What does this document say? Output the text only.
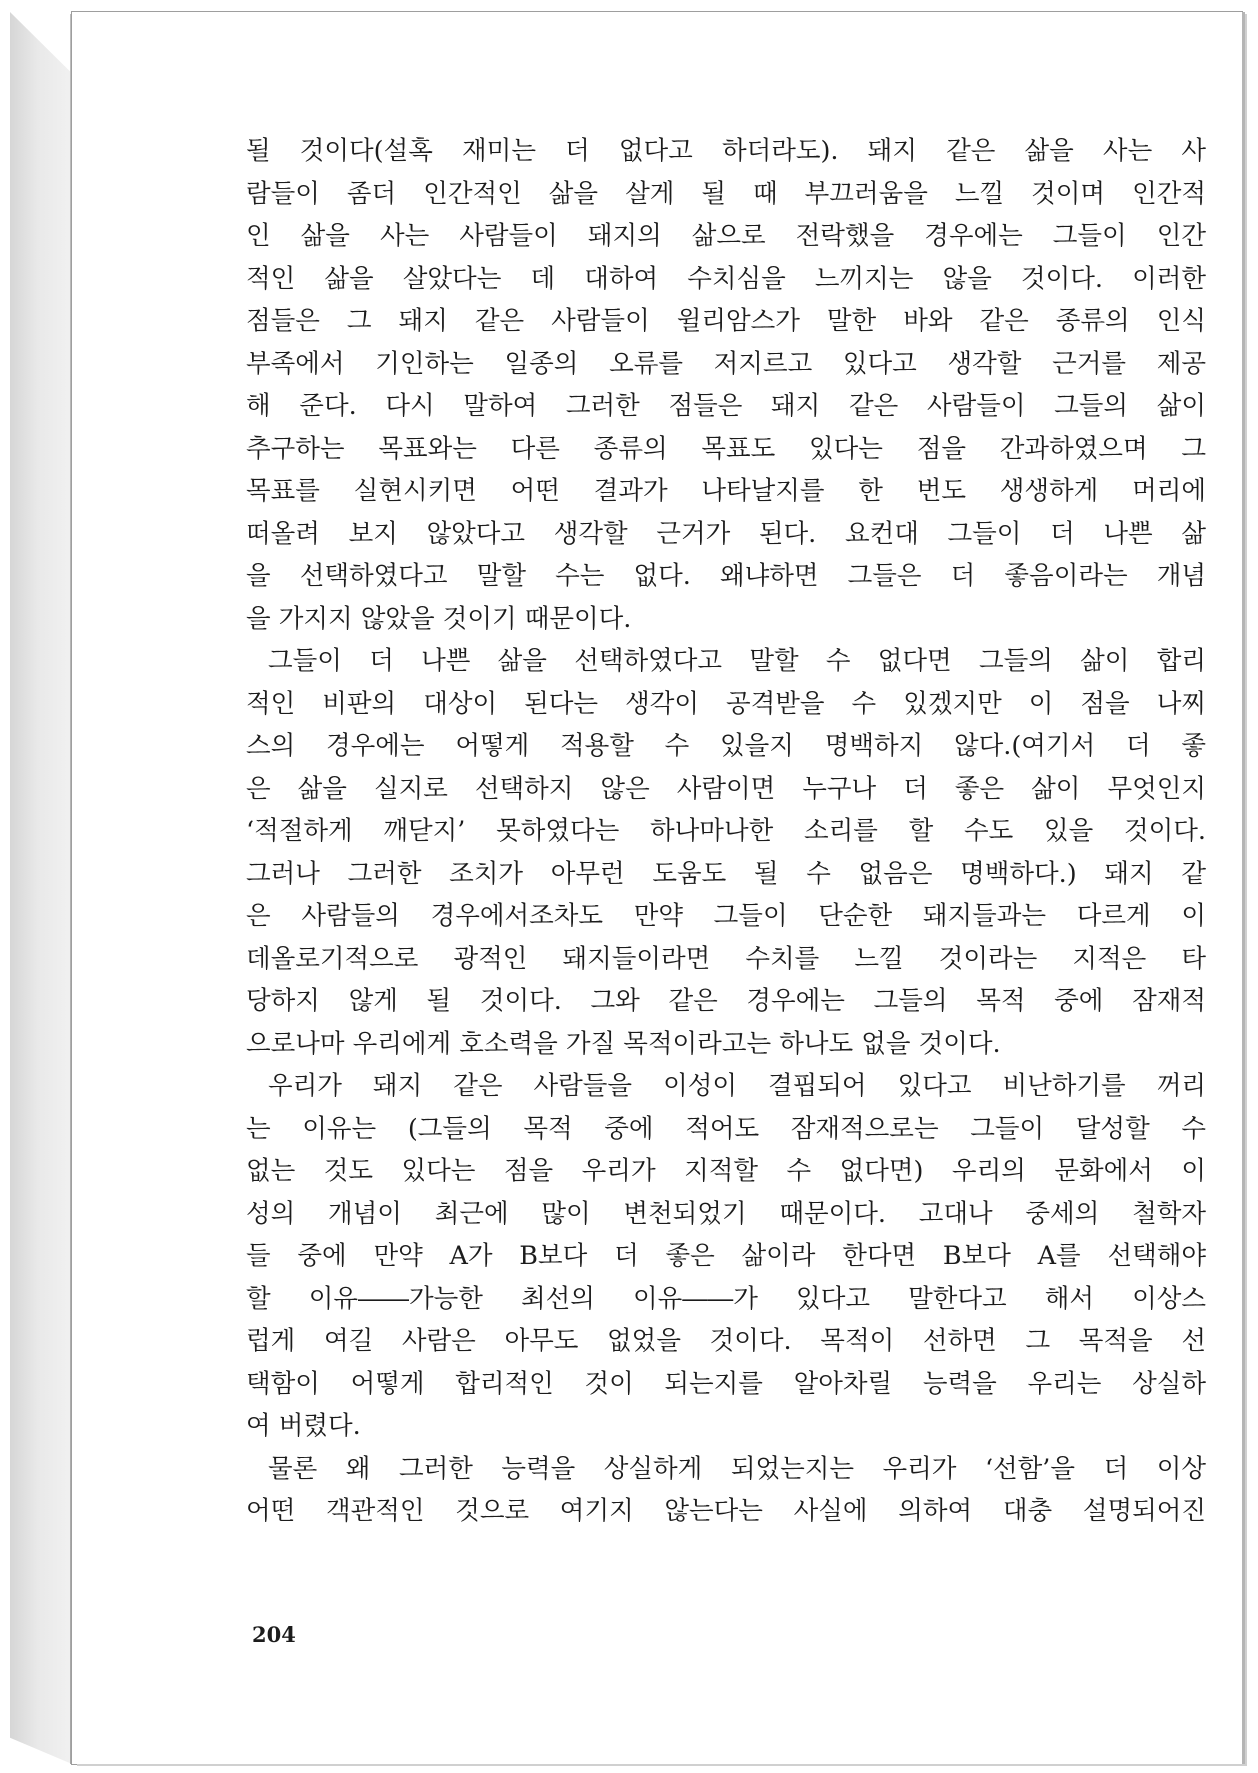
될 것이다(설혹 재미는 더 없다고 하더라도). 돼지 같은 삶을 사는 사
람들이 좀더 인간적인 삶을 살게 될 때 부끄러움을 느낄 것이며 인간적
인 삶을 사는 사람들이 돼지의 삶으로 전락했을 경우에는 그들이 인간
적인 삶을 살았다는 데 대하여 수치심을 느끼지는 않을 것이다. 이러한
점들은 그 돼지 같은 사람들이 윌리암스가 말한 바와 같은 종류의 인식
부족에서 기인하는 일종의 오류를 저지르고 있다고 생각할 근거를 제공
해 준다. 다시 말하여 그러한 점들은 돼지 같은 사람들이 그들의 삶이
추구하는 목표와는 다른 종류의 목표도 있다는 점을 간과하였으며 그
목표를 실현시키면 어떤 결과가 나타날지를 한 번도 생생하게 머리에
떠올려 보지 않았다고 생각할 근거가 된다. 요컨대 그들이 더 나쁜 삶
을 선택하였다고 말할 수는 없다. 왜냐하면 그들은 더 좋음이라는 개념
을 가지지 않았을 것이기 때문이다.
그들이 더 나쁜 삶을 선택하였다고 말할 수 없다면 그들의 삶이 합리
적인 비판의 대상이 된다는 생각이 공격받을 수 있겠지만 이 점을 나찌
스의 경우에는 어떻게 적용할 수 있을지 명백하지 않다.(여기서 더 좋
은 삶을 실지로 선택하지 않은 사람이면 누구나 더 좋은 삶이 무엇인지
‘적절하게 깨닫지’ 못하였다는 하나마나한 소리를 할 수도 있을 것이다.
그러나 그러한 조치가 아무런 도움도 될 수 없음은 명백하다.) 돼지 같
은 사람들의 경우에서조차도 만약 그들이 단순한 돼지들과는 다르게 이
데올로기적으로 광적인 돼지들이라면 수치를 느낄 것이라는 지적은 타
당하지 않게 될 것이다. 그와 같은 경우에는 그들의 목적 중에 잠재적
으로나마 우리에게 호소력을 가질 목적이라고는 하나도 없을 것이다.
우리가 돼지 같은 사람들을 이성이 결핍되어 있다고 비난하기를 꺼리
는 이유는 (그들의 목적 중에 적어도 잠재적으로는 그들이 달성할 수
없는 것도 있다는 점을 우리가 지적할 수 없다면) 우리의 문화에서 이
성의 개념이 최근에 많이 변천되었기 때문이다. 고대나 중세의 철학자
들 중에 만약 A가 B보다 더 좋은 삶이라 한다면 B보다 A를 선택해야
할 이유――가능한 최선의 이유――가 있다고 말한다고 해서 이상스
럽게 여길 사람은 아무도 없었을 것이다. 목적이 선하면 그 목적을 선
택함이 어떻게 합리적인 것이 되는지를 알아차릴 능력을 우리는 상실하
여 버렸다.
물론 왜 그러한 능력을 상실하게 되었는지는 우리가 ‘선함’을 더 이상
어떤 객관적인 것으로 여기지 않는다는 사실에 의하여 대충 설명되어진
204
